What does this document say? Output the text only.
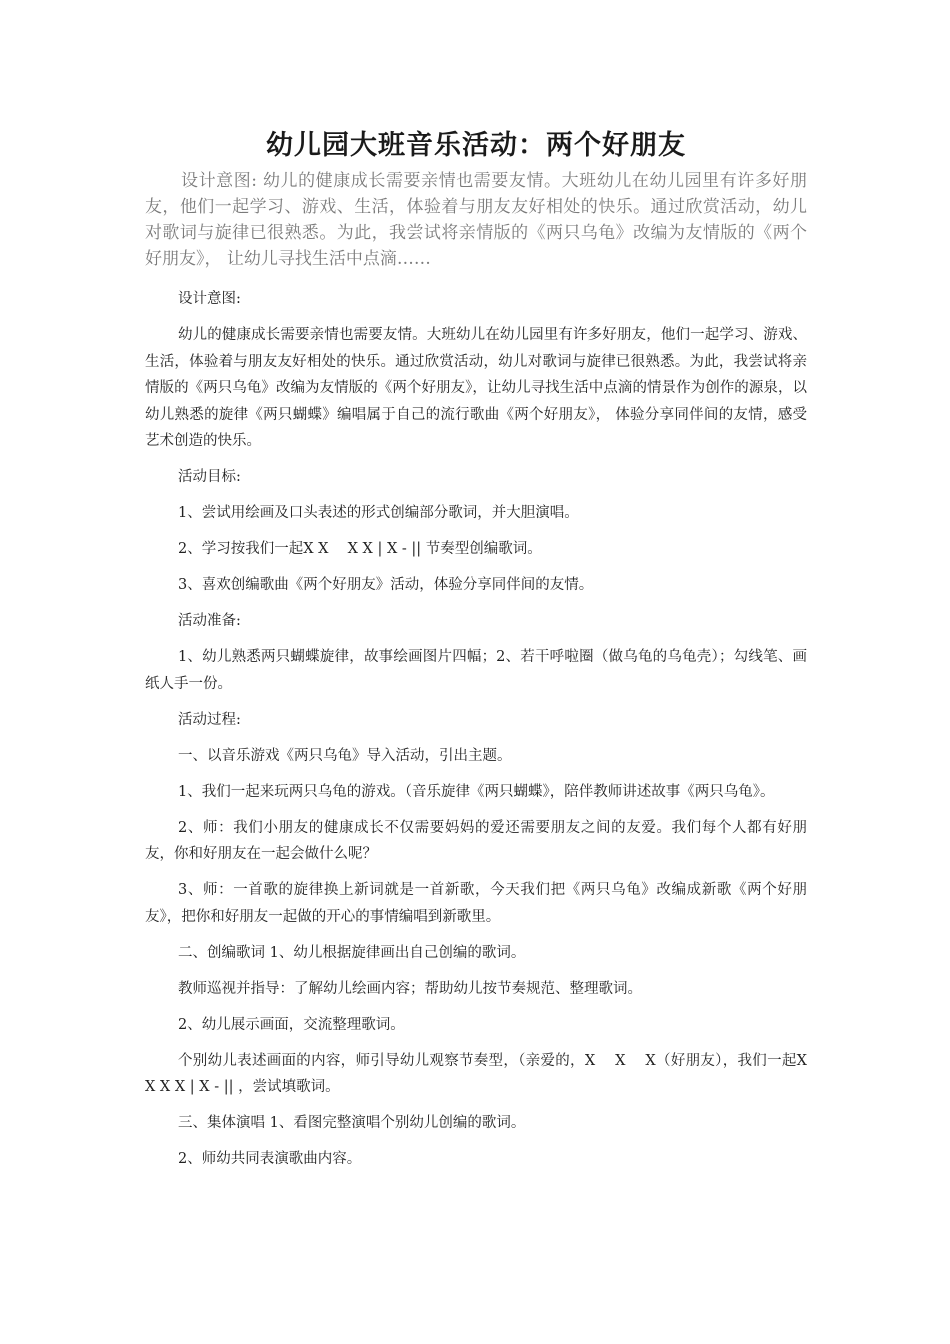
幼儿园大班音乐活动：两个好朋友

设计意图: 幼儿的健康成长需要亲情也需要友情。大班幼儿在幼儿园里有许多好朋友，他们一起学习、游戏、生活，体验着与朋友友好相处的快乐。通过欣赏活动，幼儿对歌词与旋律已很熟悉。为此，我尝试将亲情版的《两只乌龟》改编为友情版的《两个好朋友》， 让幼儿寻找生活中点滴……

设计意图:

幼儿的健康成长需要亲情也需要友情。大班幼儿在幼儿园里有许多好朋友，他们一起学习、游戏、生活，体验着与朋友友好相处的快乐。通过欣赏活动，幼儿对歌词与旋律已很熟悉。为此，我尝试将亲情版的《两只乌龟》改编为友情版的《两个好朋友》，让幼儿寻找生活中点滴的情景作为创作的源泉，以幼儿熟悉的旋律《两只蝴蝶》编唱属于自己的流行歌曲《两个好朋友》， 体验分享同伴间的友情，感受艺术创造的快乐。

活动目标:

1、尝试用绘画及口头表述的形式创编部分歌词，并大胆演唱。

2、学习按我们一起X X　 X X | X - || 节奏型创编歌词。

3、喜欢创编歌曲《两个好朋友》活动，体验分享同伴间的友情。

活动准备:

1、幼儿熟悉两只蝴蝶旋律，故事绘画图片四幅；2、若干呼啦圈（做乌龟的乌龟壳）；勾线笔、画纸人手一份。

活动过程:

一、以音乐游戏《两只乌龟》导入活动，引出主题。

1、我们一起来玩两只乌龟的游戏。（音乐旋律《两只蝴蝶》，陪伴教师讲述故事《两只乌龟》。

2、师：我们小朋友的健康成长不仅需要妈妈的爱还需要朋友之间的友爱。我们每个人都有好朋友，你和好朋友在一起会做什么呢？

3、师：一首歌的旋律换上新词就是一首新歌，今天我们把《两只乌龟》改编成新歌《两个好朋友》，把你和好朋友一起做的开心的事情编唱到新歌里。

二、创编歌词 1、幼儿根据旋律画出自己创编的歌词。

教师巡视并指导：了解幼儿绘画内容；帮助幼儿按节奏规范、整理歌词。

2、幼儿展示画面，交流整理歌词。

个别幼儿表述画面的内容，师引导幼儿观察节奏型，（亲爱的，X　 X　 X（好朋友），我们一起X X X X | X - || ，尝试填歌词。

三、集体演唱 1、看图完整演唱个别幼儿创编的歌词。

2、师幼共同表演歌曲内容。
